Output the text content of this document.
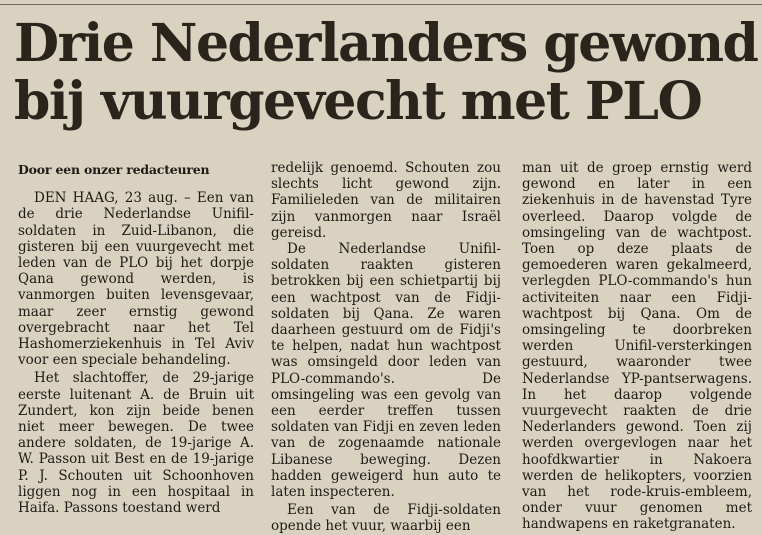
Drie Nederlanders gewond
bij vuurgevecht met PLO

Door een onzer redacteuren

DEN HAAG, 23 aug. – Een van de drie Nederlandse Unifil-soldaten in Zuid-Libanon, die gisteren bij een vuurgevecht met leden van de PLO bij het dorpje Qana gewond werden, is vanmorgen buiten levensgevaar, maar zeer ernstig gewond overgebracht naar het Tel Hashomerziekenhuis in Tel Aviv voor een speciale behandeling.

Het slachtoffer, de 29-jarige eerste luitenant A. de Bruin uit Zundert, kon zijn beide benen niet meer bewegen. De twee andere soldaten, de 19-jarige A. W. Passon uit Best en de 19-jarige P. J. Schouten uit Schoonhoven liggen nog in een hospitaal in Haifa. Passons toestand werd

redelijk genoemd. Schouten zou slechts licht gewond zijn. Familieleden van de militairen zijn vanmorgen naar Israël gereisd.

De Nederlandse Unifil-soldaten raakten gisteren betrokken bij een schietpartij bij een wachtpost van de Fidji-soldaten bij Qana. Ze waren daarheen gestuurd om de Fidji's te helpen, nadat hun wachtpost was omsingeld door leden van PLO-commando's. De omsingeling was een gevolg van een eerder treffen tussen soldaten van Fidji en zeven leden van de zogenaamde nationale Libanese beweging. Dezen hadden geweigerd hun auto te laten inspecteren.

Een van de Fidji-soldaten opende het vuur, waarbij een

man uit de groep ernstig werd gewond en later in een ziekenhuis in de havenstad Tyre overleed. Daarop volgde de omsingeling van de wachtpost. Toen op deze plaats de gemoederen waren gekalmeerd, verlegden PLO-commando's hun activiteiten naar een Fidji-wachtpost bij Qana. Om de omsingeling te doorbreken werden Unifil-versterkingen gestuurd, waaronder twee Nederlandse YP-pantserwagens. In het daarop volgende vuurgevecht raakten de drie Nederlanders gewond. Toen zij werden overgevlogen naar het hoofdkwartier in Nakoera werden de helikopters, voorzien van het rode-kruis-embleem, onder vuur genomen met handwapens en raketgranaten.
